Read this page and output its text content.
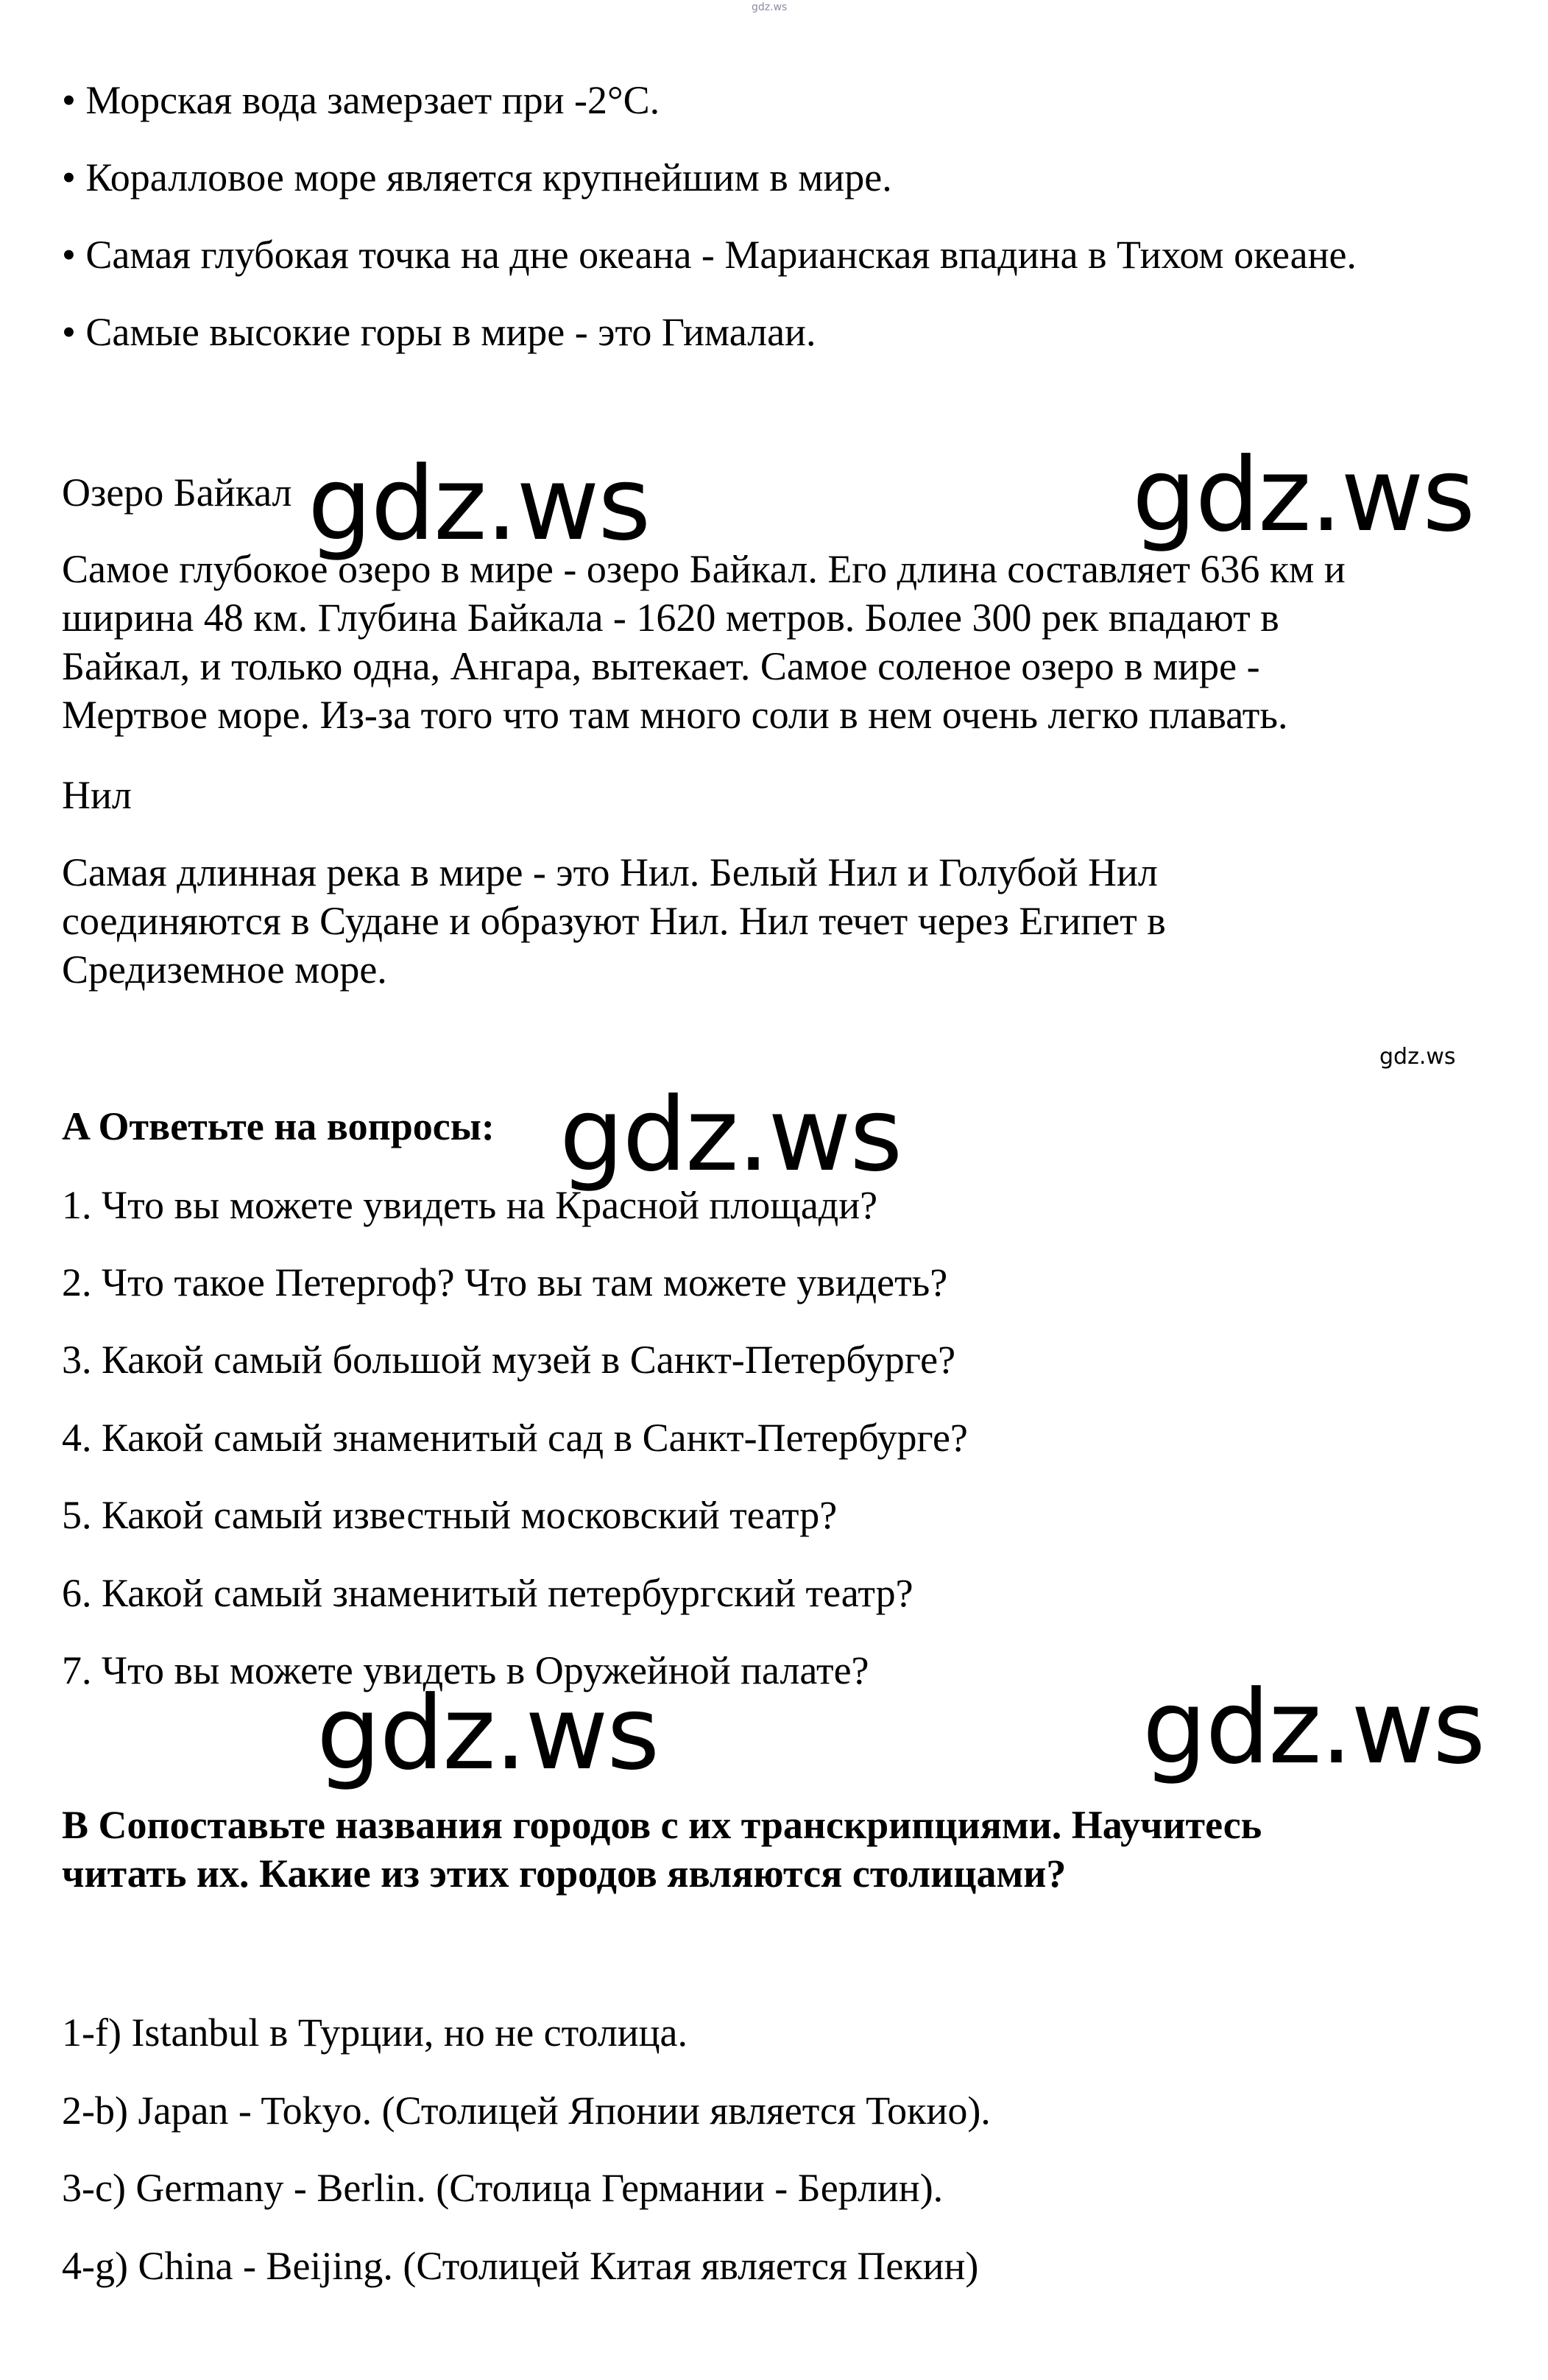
gdz.ws
• Морская вода замерзает при -2°C.
• Коралловое море является крупнейшим в мире.
• Самая глубокая точка на дне океана - Марианская впадина в Тихом океане.
• Самые высокие горы в мире - это Гималаи.
Озеро Байкал
Самое глубокое озеро в мире - озеро Байкал. Его длина составляет 636 км и
ширина 48 км. Глубина Байкала - 1620 метров. Более 300 рек впадают в
Байкал, и только одна, Ангара, вытекает. Самое соленое озеро в мире -
Мертвое море. Из-за того что там много соли в нем очень легко плавать.
Нил
Самая длинная река в мире - это Нил. Белый Нил и Голубой Нил
соединяются в Судане и образуют Нил. Нил течет через Египет в
Средиземное море.
gdz.ws
A Ответьте на вопросы:
1. Что вы можете увидеть на Красной площади?
2. Что такое Петергоф? Что вы там можете увидеть?
3. Какой самый большой музей в Санкт-Петербурге?
4. Какой самый знаменитый сад в Санкт-Петербурге?
5. Какой самый известный московский театр?
6. Какой самый знаменитый петербургский театр?
7. Что вы можете увидеть в Оружейной палате?
B Сопоставьте названия городов с их транскрипциями. Научитесь
читать их. Какие из этих городов являются столицами?
1-f) Istanbul в Турции, но не столица.
2-b) Japan - Tokyo. (Столицей Японии является Токио).
3-c) Germany - Berlin. (Столица Германии - Берлин).
4-g) China - Beijing. (Столицей Китая является Пекин)
gdz.ws	gdz.ws
gdz.ws
gdz.ws	gdz.ws
